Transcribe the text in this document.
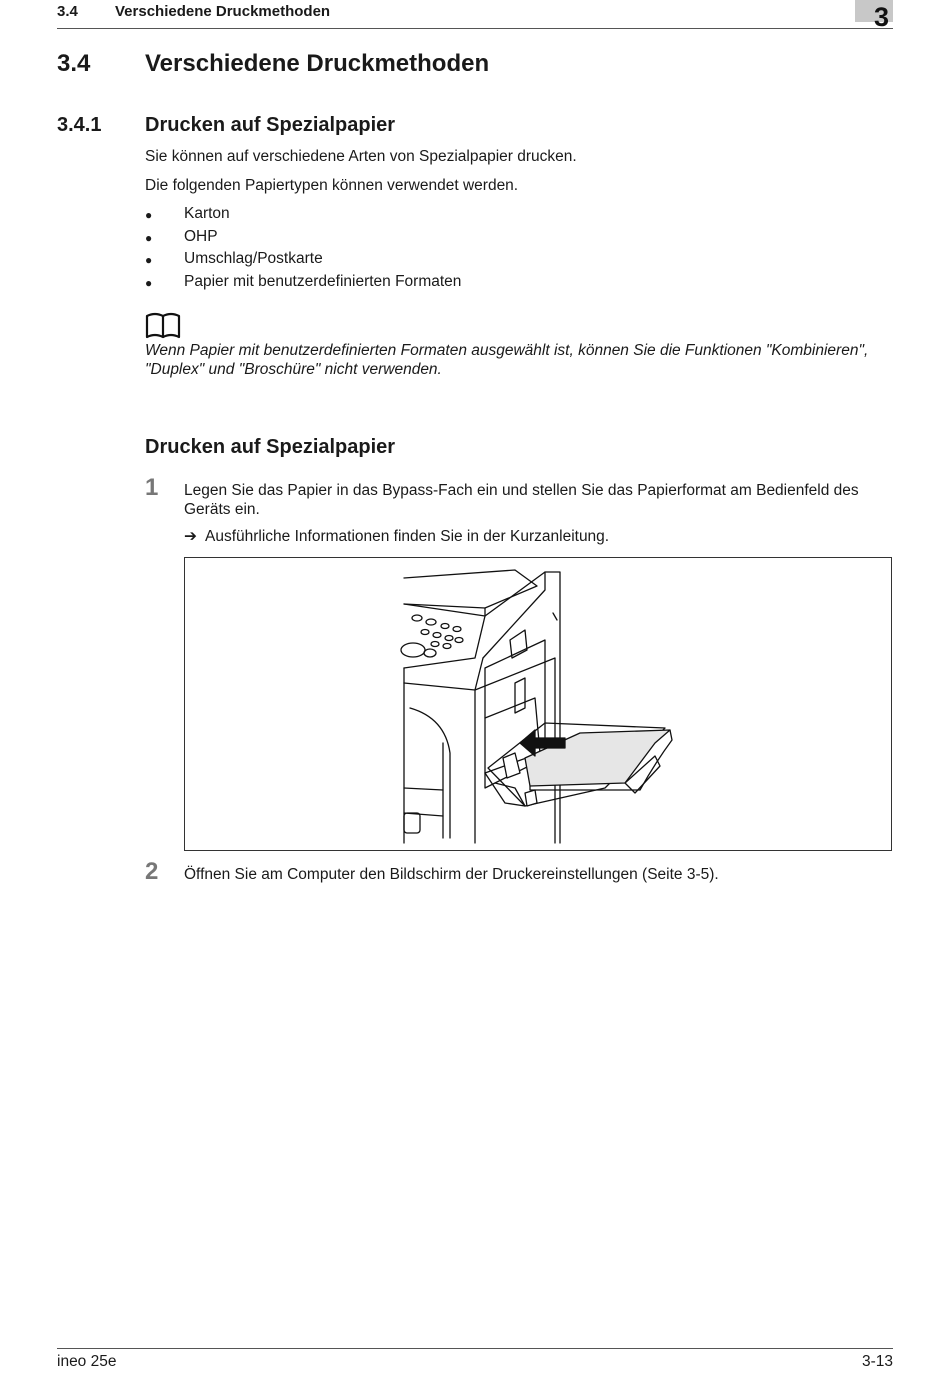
3.4 Verschiedene Druckmethoden	3
3.4 Verschiedene Druckmethoden
3.4.1 Drucken auf Spezialpapier
Sie können auf verschiedene Arten von Spezialpapier drucken.
Die folgenden Papiertypen können verwendet werden.
● Karton
● OHP
● Umschlag/Postkarte
● Papier mit benutzerdefinierten Formaten
Wenn Papier mit benutzerdefinierten Formaten ausgewählt ist, können Sie die Funktionen "Kombinieren",
"Duplex" und "Broschüre" nicht verwenden.
Drucken auf Spezialpapier
1 Legen Sie das Papier in das Bypass-Fach ein und stellen Sie das Papierformat am Bedienfeld des
Geräts ein.
➔ Ausführliche Informationen finden Sie in der Kurzanleitung.
2 Öffnen Sie am Computer den Bildschirm der Druckereinstellungen (Seite 3-5).
ineo 25e	3-13
